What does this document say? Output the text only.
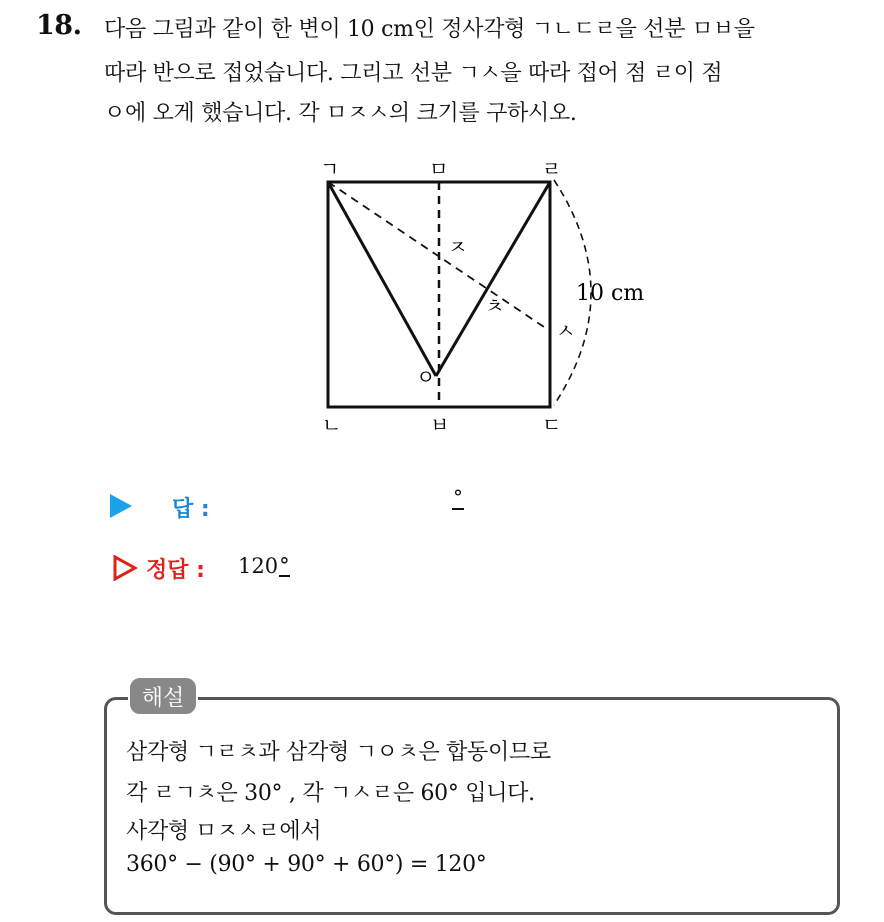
18. 다음 그림과 같이 한 변이 10 cm인 정사각형 ㄱㄴㄷㄹ을 선분 ㅁㅂ을
따라 반으로 접었습니다. 그리고 선분 ㄱㅅ을 따라 접어 점 ㄹ이 점
ㅇ에 오게 했습니다. 각 ㅁㅈㅅ의 크기를 구하시오.
ㄱ	ㅁ	ㄹ
ㄴ	ㅂ	ㄷ
ㅇ
ㅈ
ㅊ
ㅅ
10 cm
답 :	°
정답 : 120°
해설
삼각형 ㄱㄹㅊ과 삼각형 ㄱㅇㅊ은 합동이므로
각 ㄹㄱㅊ은 30° , 각 ㄱㅅㄹ은 60° 입니다.
사각형 ㅁㅈㅅㄹ에서
360° − (90° + 90° + 60°) = 120°
